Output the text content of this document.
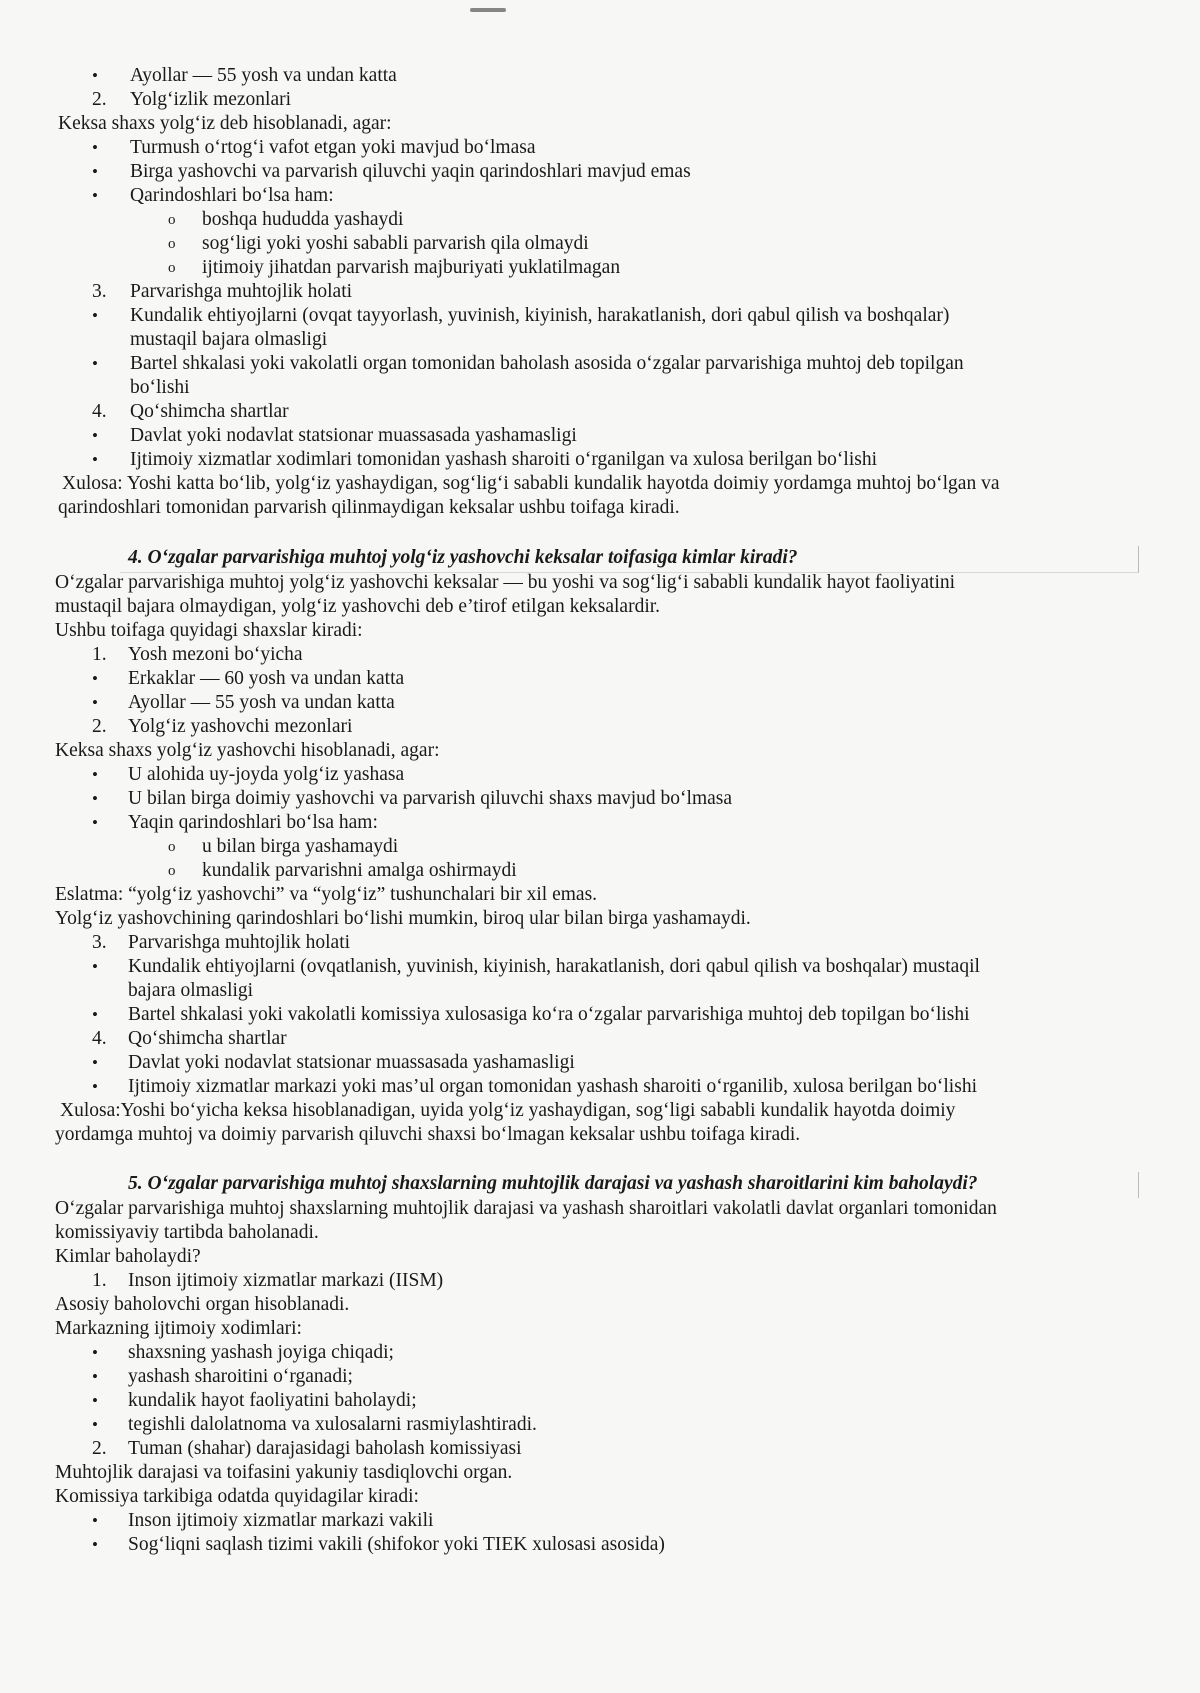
• Ayollar — 55 yosh va undan katta
2. Yolg‘izlik mezonlari
Keksa shaxs yolg‘iz deb hisoblanadi, agar:
• Turmush o‘rtog‘i vafot etgan yoki mavjud bo‘lmasa
• Birga yashovchi va parvarish qiluvchi yaqin qarindoshlari mavjud emas
• Qarindoshlari bo‘lsa ham:
o boshqa hududda yashaydi
o sog‘ligi yoki yoshi sababli parvarish qila olmaydi
o ijtimoiy jihatdan parvarish majburiyati yuklatilmagan
3. Parvarishga muhtojlik holati
• Kundalik ehtiyojlarni (ovqat tayyorlash, yuvinish, kiyinish, harakatlanish, dori qabul qilish va boshqalar)
mustaqil bajara olmasligi
• Bartel shkalasi yoki vakolatli organ tomonidan baholash asosida o‘zgalar parvarishiga muhtoj deb topilgan
bo‘lishi
4. Qo‘shimcha shartlar
• Davlat yoki nodavlat statsionar muassasada yashamasligi
• Ijtimoiy xizmatlar xodimlari tomonidan yashash sharoiti o‘rganilgan va xulosa berilgan bo‘lishi
Xulosa: Yoshi katta bo‘lib, yolg‘iz yashaydigan, sog‘lig‘i sababli kundalik hayotda doimiy yordamga muhtoj bo‘lgan va
qarindoshlari tomonidan parvarish qilinmaydigan keksalar ushbu toifaga kiradi.
4. O‘zgalar parvarishiga muhtoj yolg‘iz yashovchi keksalar toifasiga kimlar kiradi?
O‘zgalar parvarishiga muhtoj yolg‘iz yashovchi keksalar — bu yoshi va sog‘lig‘i sababli kundalik hayot faoliyatini
mustaqil bajara olmaydigan, yolg‘iz yashovchi deb e’tirof etilgan keksalardir.
Ushbu toifaga quyidagi shaxslar kiradi:
1. Yosh mezoni bo‘yicha
• Erkaklar — 60 yosh va undan katta
• Ayollar — 55 yosh va undan katta
2. Yolg‘iz yashovchi mezonlari
Keksa shaxs yolg‘iz yashovchi hisoblanadi, agar:
• U alohida uy-joyda yolg‘iz yashasa
• U bilan birga doimiy yashovchi va parvarish qiluvchi shaxs mavjud bo‘lmasa
• Yaqin qarindoshlari bo‘lsa ham:
o u bilan birga yashamaydi
o kundalik parvarishni amalga oshirmaydi
Eslatma: “yolg‘iz yashovchi” va “yolg‘iz” tushunchalari bir xil emas.
Yolg‘iz yashovchining qarindoshlari bo‘lishi mumkin, biroq ular bilan birga yashamaydi.
3. Parvarishga muhtojlik holati
• Kundalik ehtiyojlarni (ovqatlanish, yuvinish, kiyinish, harakatlanish, dori qabul qilish va boshqalar) mustaqil
bajara olmasligi
• Bartel shkalasi yoki vakolatli komissiya xulosasiga ko‘ra o‘zgalar parvarishiga muhtoj deb topilgan bo‘lishi
4. Qo‘shimcha shartlar
• Davlat yoki nodavlat statsionar muassasada yashamasligi
• Ijtimoiy xizmatlar markazi yoki mas’ul organ tomonidan yashash sharoiti o‘rganilib, xulosa berilgan bo‘lishi
Xulosa:Yoshi bo‘yicha keksa hisoblanadigan, uyida yolg‘iz yashaydigan, sog‘ligi sababli kundalik hayotda doimiy
yordamga muhtoj va doimiy parvarish qiluvchi shaxsi bo‘lmagan keksalar ushbu toifaga kiradi.
5. O‘zgalar parvarishiga muhtoj shaxslarning muhtojlik darajasi va yashash sharoitlarini kim baholaydi?
O‘zgalar parvarishiga muhtoj shaxslarning muhtojlik darajasi va yashash sharoitlari vakolatli davlat organlari tomonidan
komissiyaviy tartibda baholanadi.
Kimlar baholaydi?
1. Inson ijtimoiy xizmatlar markazi (IISM)
Asosiy baholovchi organ hisoblanadi.
Markazning ijtimoiy xodimlari:
• shaxsning yashash joyiga chiqadi;
• yashash sharoitini o‘rganadi;
• kundalik hayot faoliyatini baholaydi;
• tegishli dalolatnoma va xulosalarni rasmiylashtiradi.
2. Tuman (shahar) darajasidagi baholash komissiyasi
Muhtojlik darajasi va toifasini yakuniy tasdiqlovchi organ.
Komissiya tarkibiga odatda quyidagilar kiradi:
• Inson ijtimoiy xizmatlar markazi vakili
• Sog‘liqni saqlash tizimi vakili (shifokor yoki TIEK xulosasi asosida)
